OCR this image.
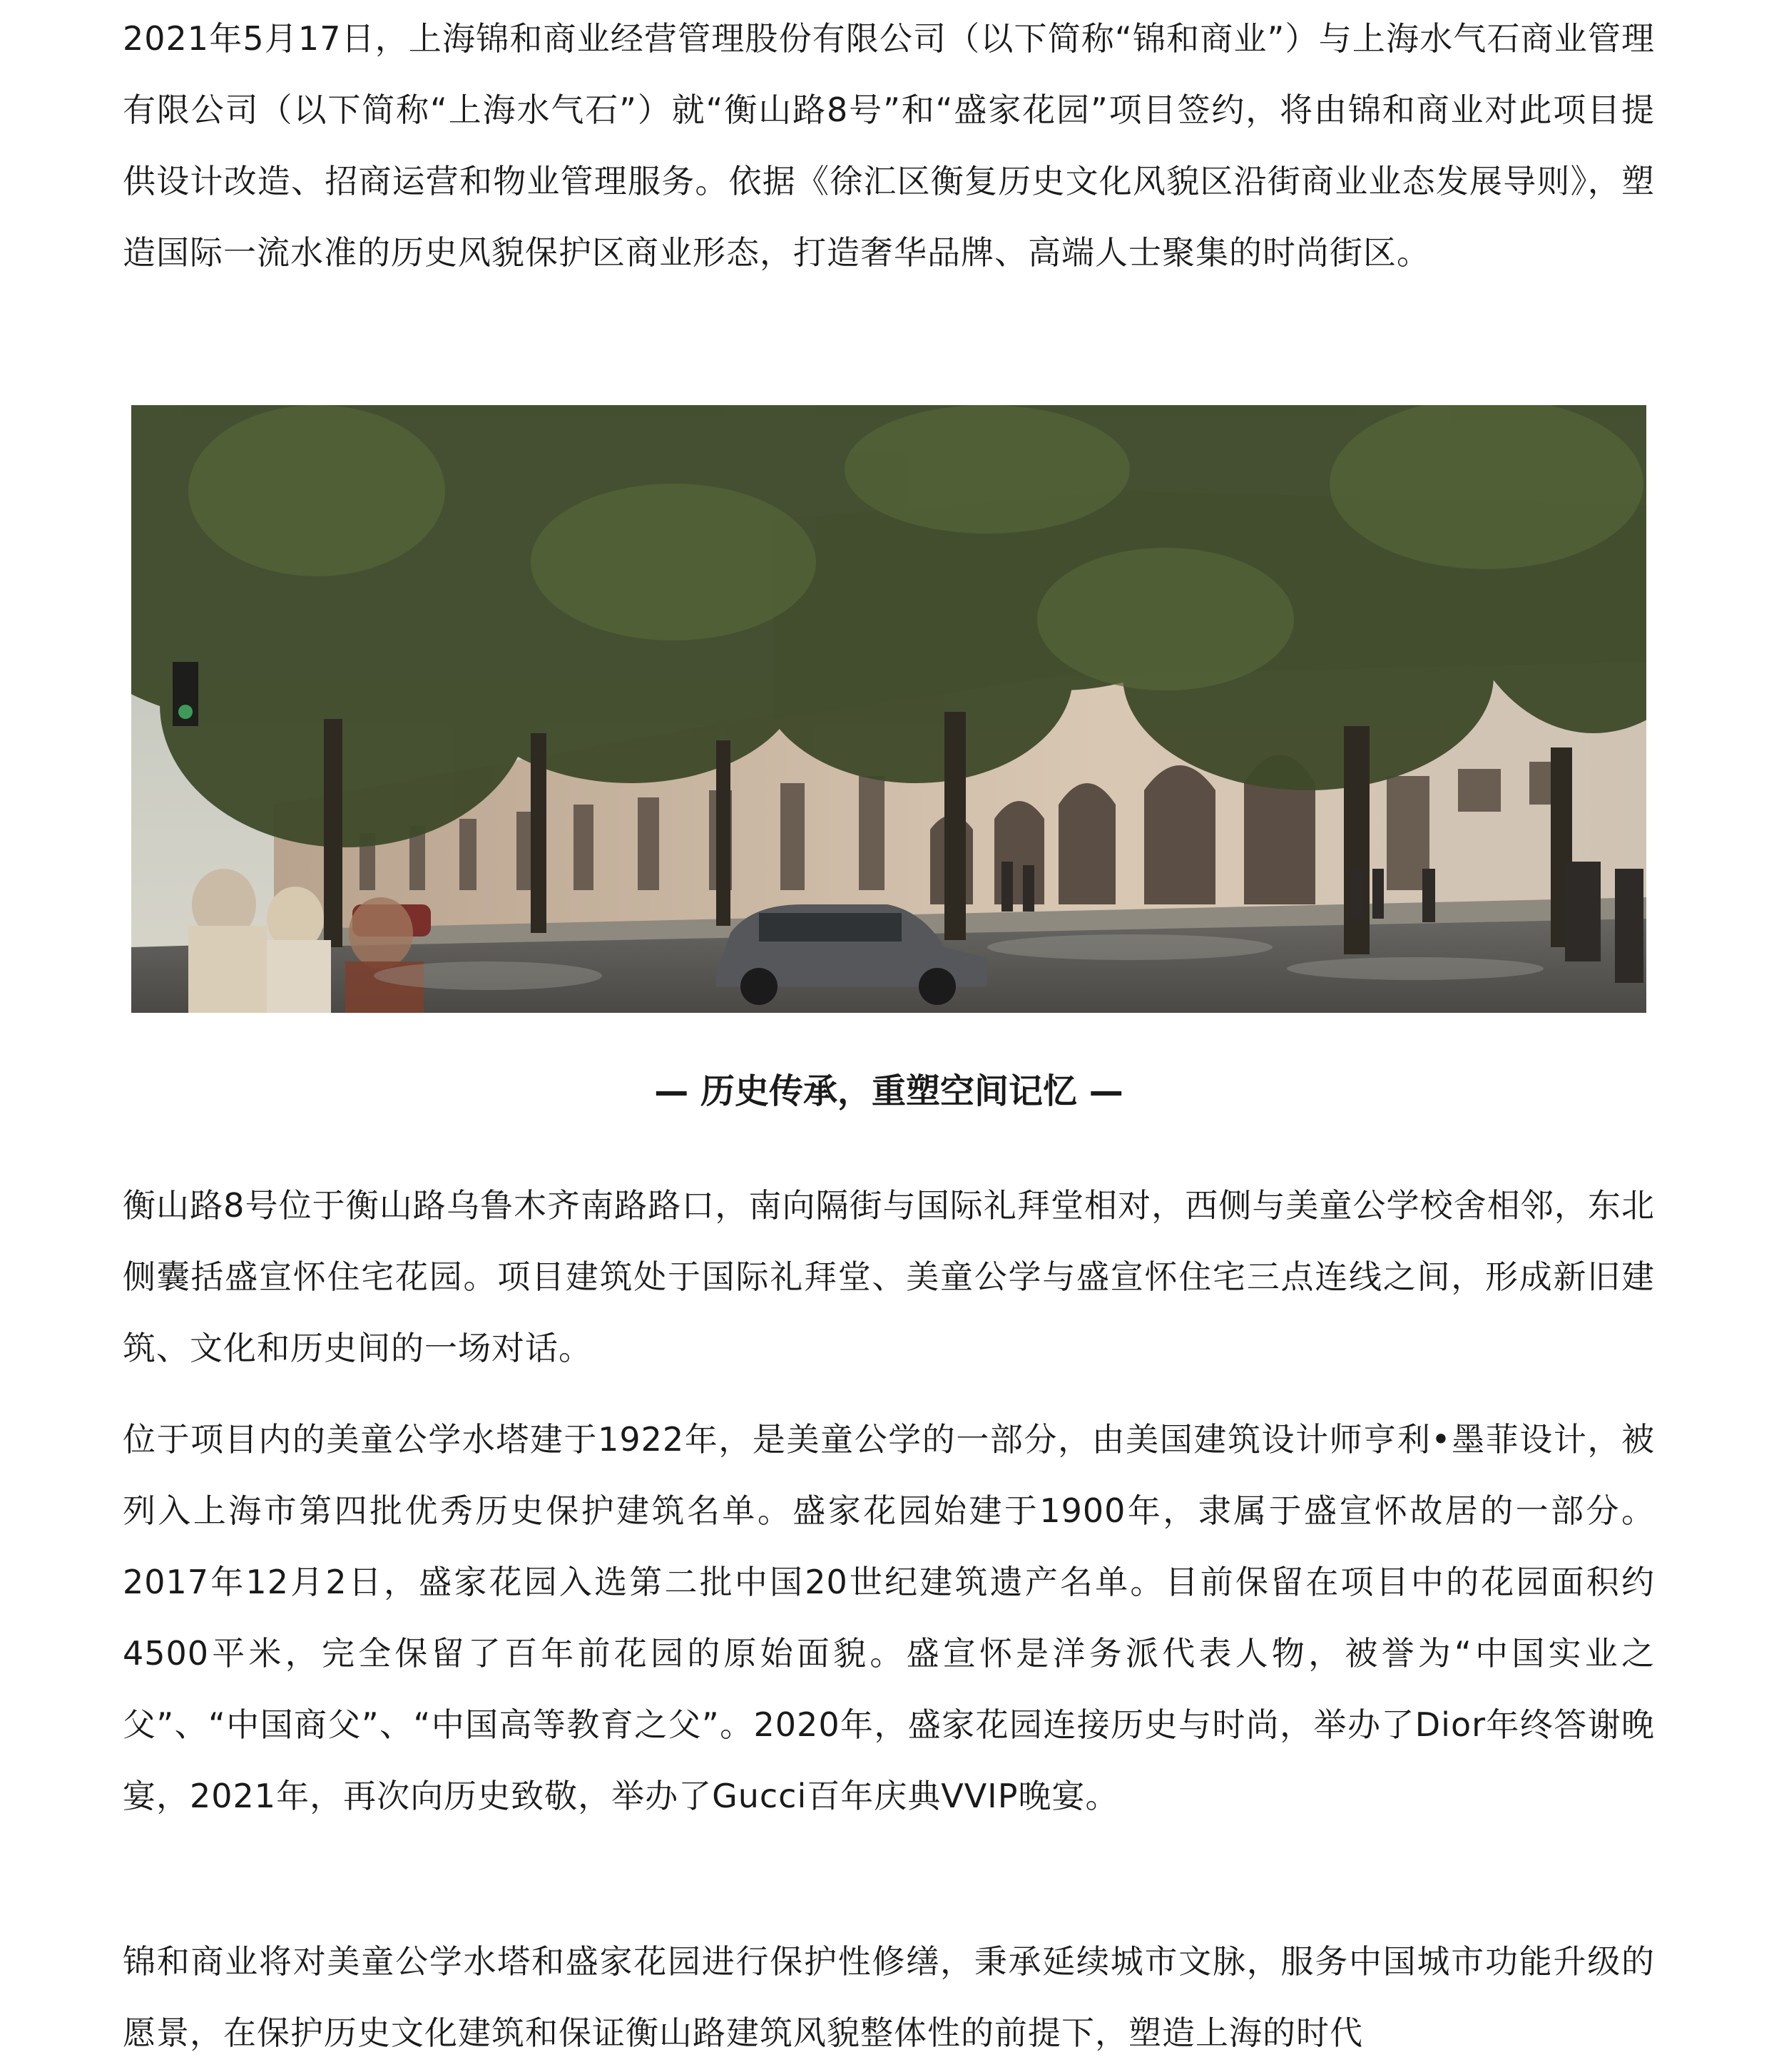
2021年5月17日，上海锦和商业经营管理股份有限公司（以下简称“锦和商业”）与上海水气石商业管理有限公司（以下简称“上海水气石”）就“衡山路8号”和“盛家花园”项目签约，将由锦和商业对此项目提供设计改造、招商运营和物业管理服务。依据《徐汇区衡复历史文化风貌区沿街商业业态发展导则》，塑造国际一流水准的历史风貌保护区商业形态，打造奢华品牌、高端人士聚集的时尚街区。

— 历史传承，重塑空间记忆 —

衡山路8号位于衡山路乌鲁木齐南路路口，南向隔街与国际礼拜堂相对，西侧与美童公学校舍相邻，东北侧囊括盛宣怀住宅花园。项目建筑处于国际礼拜堂、美童公学与盛宣怀住宅三点连线之间，形成新旧建筑、文化和历史间的一场对话。

位于项目内的美童公学水塔建于1922年，是美童公学的一部分，由美国建筑设计师亨利•墨菲设计，被列入上海市第四批优秀历史保护建筑名单。盛家花园始建于1900年，隶属于盛宣怀故居的一部分。2017年12月2日，盛家花园入选第二批中国20世纪建筑遗产名单。目前保留在项目中的花园面积约4500平米，完全保留了百年前花园的原始面貌。盛宣怀是洋务派代表人物，被誉为“中国实业之父”、“中国商父”、“中国高等教育之父”。2020年，盛家花园连接历史与时尚，举办了Dior年终答谢晚宴，2021年，再次向历史致敬，举办了Gucci百年庆典VVIP晚宴。

锦和商业将对美童公学水塔和盛家花园进行保护性修缮，秉承延续城市文脉，服务中国城市功能升级的愿景，在保护历史文化建筑和保证衡山路建筑风貌整体性的前提下，塑造上海的时代
